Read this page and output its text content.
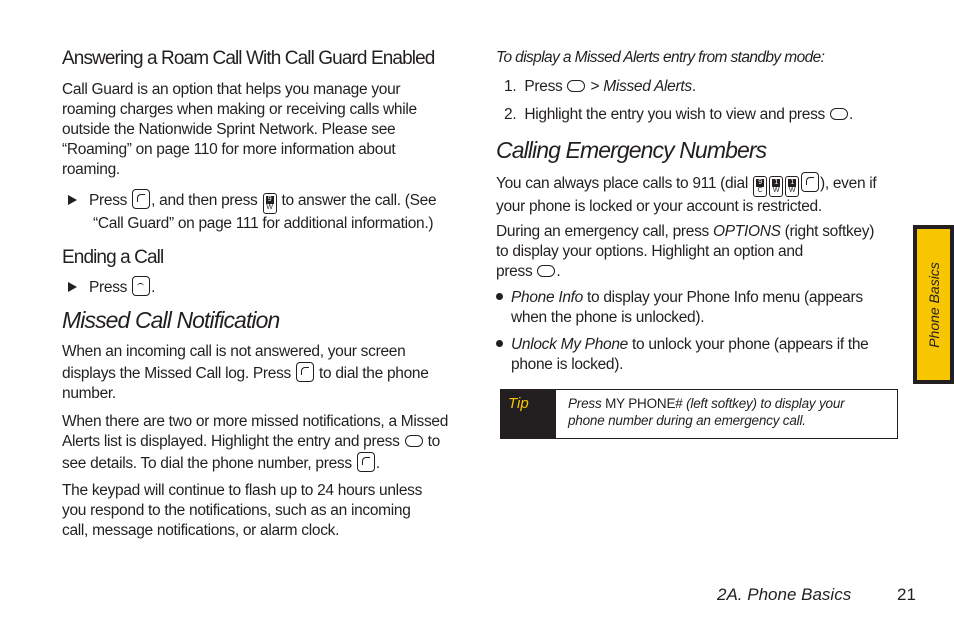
Answering a Roam Call With Call Guard Enabled
Call Guard is an option that helps you manage your
roaming charges when making or receiving calls while
outside the Nationwide Sprint Network. Please see
“Roaming” on page 110 for more information about
roaming.
Press , and then press	9
W to answer the call. (See
“Call Guard” on page 111 for additional information.)
Ending a Call
Press .
Missed Call Notification
When an incoming call is not answered, your screen
displays the Missed Call log. Press to dial the phone
number.
When there are two or more missed notifications, a Missed
Alerts list is displayed. Highlight the entry and press to
see details. To dial the phone number, press .
The keypad will continue to flash up to 24 hours unless
you respond to the notifications, such as an incoming
call, message notifications, or alarm clock.
To display a Missed Alerts entry from standby mode:
1. Press > Missed Alerts.
2. Highlight the entry you wish to view and press .
Calling Emergency Numbers
You can always place calls to 911 (dial	9
C
1
W
1
W ), even if
your phone is locked or your account is restricted.
During an emergency call, press OPTIONS (right softkey)
to display your options. Highlight an option and
press .
Phone Info to display your Phone Info menu (appears
when the phone is unlocked).
Unlock My Phone to unlock your phone (appears if the
phone is locked).
Tip	Press MY PHONE# (left softkey) to display your
phone number during an emergency call.
Phone Basics
2A. Phone Basics	21
